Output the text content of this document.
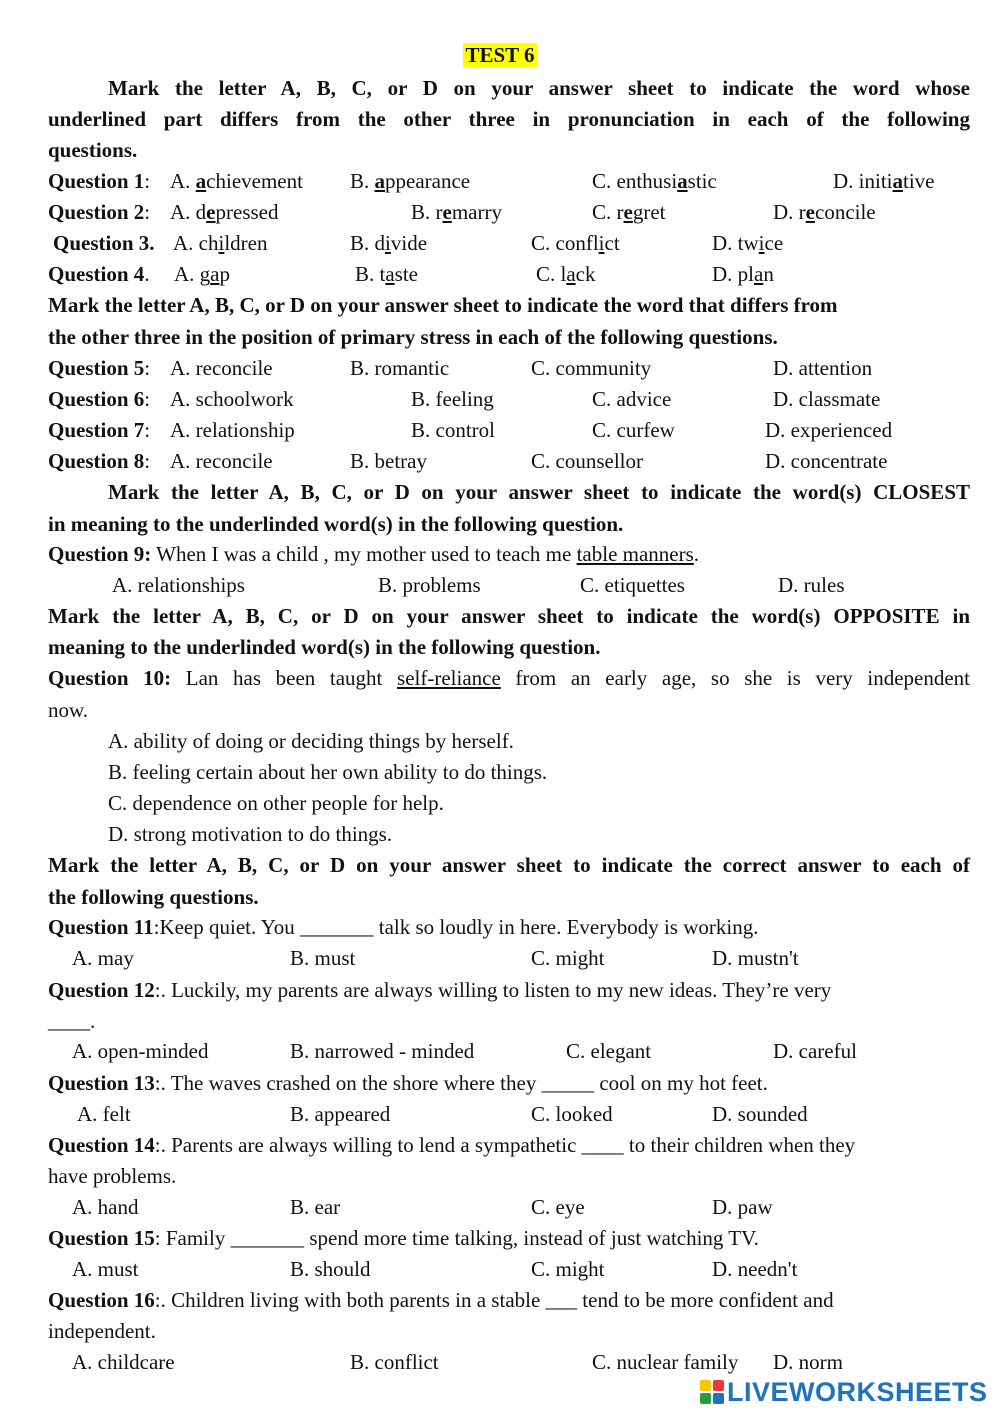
TEST 6
Mark the letter A, B, C, or D on your answer sheet to indicate the word whose
underlined part differs from the other three in pronunciation in each of the following
questions.
Question 1: A. achievement B. appearance	C. enthusiastic	D. initiative
Question 2: A. depressed	B. remarry	C. regret	D. reconcile
Question 3. A. children	B. divide	C. conflict	D. twice
Question 4. A. gap	B. taste	C. lack	D. plan
Mark the letter A, B, C, or D on your answer sheet to indicate the word that differs from
the other three in the position of primary stress in each of the following questions.
Question 5: A. reconcile	B. romantic	C. community	D. attention
Question 6: A. schoolwork	B. feeling	C. advice	D. classmate
Question 7: A. relationship	B. control	C. curfew	D. experienced
Question 8: A. reconcile	B. betray	C. counsellor	D. concentrate
Mark the letter A, B, C, or D on your answer sheet to indicate the word(s) CLOSEST
in meaning to the underlinded word(s) in the following question.
Question 9: When I was a child , my mother used to teach me table manners.
A. relationships	B. problems	C. etiquettes	D. rules
Mark the letter A, B, C, or D on your answer sheet to indicate the word(s) OPPOSITE in
meaning to the underlinded word(s) in the following question.
Question 10: Lan has been taught self-reliance from an early age, so she is very independent
now.
A. ability of doing or deciding things by herself.
B. feeling certain about her own ability to do things.
C. dependence on other people for help.
D. strong motivation to do things.
Mark the letter A, B, C, or D on your answer sheet to indicate the correct answer to each of
the following questions.
Question 11:Keep quiet. You _______ talk so loudly in here. Everybody is working.
A. may	B. must	C. might	D. mustn't
Question 12:. Luckily, my parents are always willing to listen to my new ideas. They’re very
____.
A. open-minded	B. narrowed - minded	C. elegant	D. careful
Question 13:. The waves crashed on the shore where they _____ cool on my hot feet.
A. felt	B. appeared	C. looked	D. sounded
Question 14:. Parents are always willing to lend a sympathetic ____ to their children when they
have problems.
A. hand	B. ear	C. eye	D. paw
Question 15: Family _______ spend more time talking, instead of just watching TV.
A. must	B. should	C. might	D. needn't
Question 16:. Children living with both parents in a stable ___ tend to be more confident and
independent.
A. childcare	B. conflict	C. nuclear family D. norm
LIVEWORKSHEETS
